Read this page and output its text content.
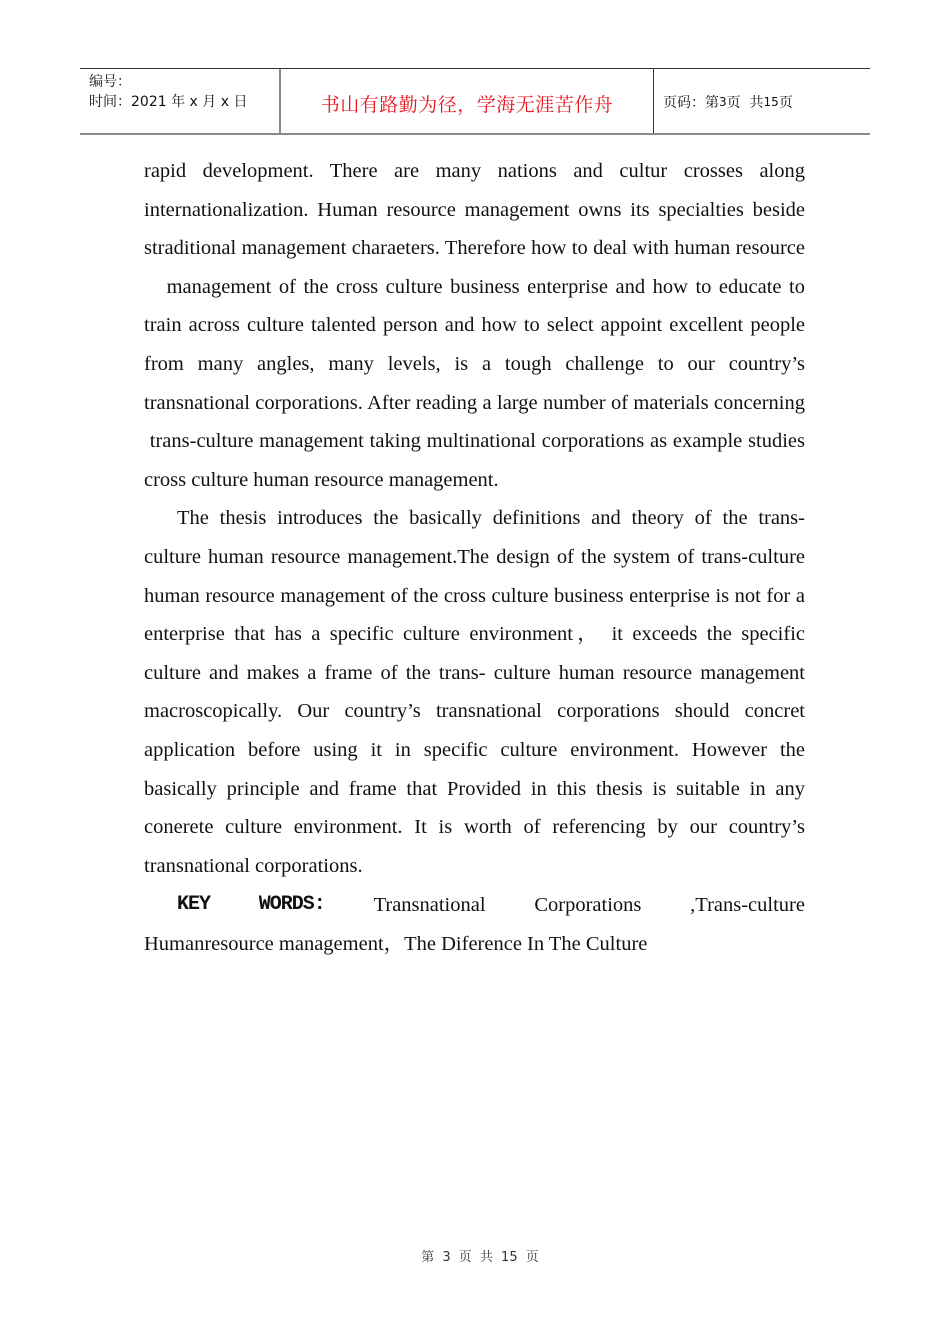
编号：
时间：2021 年 x 月 x 日	书山有路勤为径，学海无涯苦作舟	页码：第 3 页  共 15 页

rapid development. There are many nations and cultur crosses along internationalization. Human resource management owns its specialties beside straditional management charaeters. Therefore how to deal with human resource    management of the cross culture business enterprise and how to educate to train across culture talented person and how to select appoint excellent people from many angles, many levels, is a tough challenge to our country’s transnational corporations. After reading a large number of materials concerning  trans-culture management taking multinational corporations as example studies cross culture human resource management.

The thesis introduces the basically definitions and theory of the trans-culture human resource management.The design of the system of trans-culture human resource management of the cross culture business enterprise is not for a enterprise that has a specific culture environment， it exceeds the specific culture and makes a frame of the trans- culture human resource management macroscopically. Our country’s transnational corporations should concret application before using it in specific culture environment. However the basically principle and frame that Provided in this thesis is suitable in any conerete culture environment. It is worth of referencing by our country’s transnational corporations.

KEY WORDS: Transnational Corporations ,Trans-culture
Humanresource management，The Diference In The Culture
第 3 页 共 15 页
